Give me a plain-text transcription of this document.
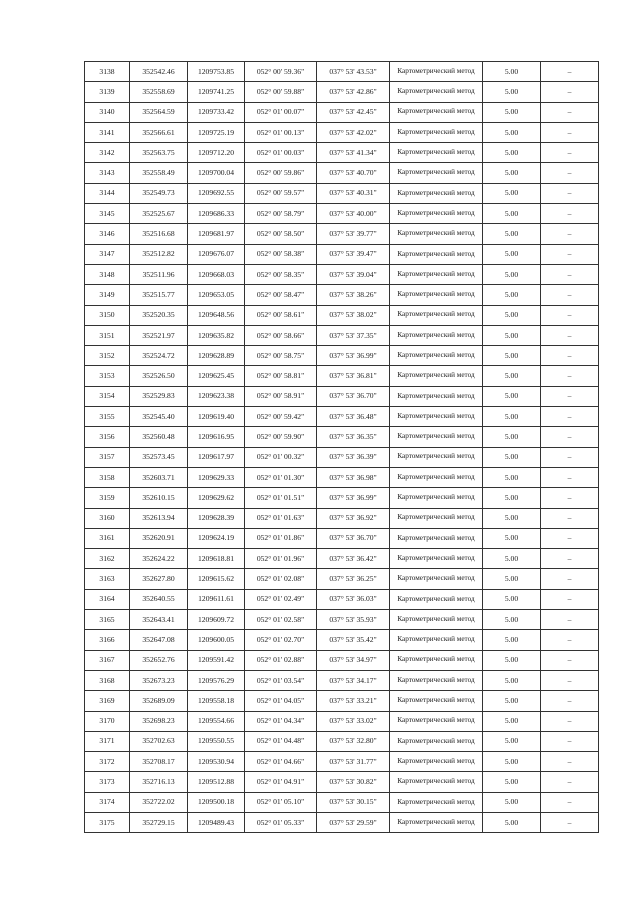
3138	352542.46	1209753.85	052° 00' 59.36"	037° 53' 43.53"	Картометрический метод	5.00	–
3139	352558.69	1209741.25	052° 00' 59.88"	037° 53' 42.86"	Картометрический метод	5.00	–
3140	352564.59	1209733.42	052° 01' 00.07"	037° 53' 42.45"	Картометрический метод	5.00	–
3141	352566.61	1209725.19	052° 01' 00.13"	037° 53' 42.02"	Картометрический метод	5.00	–
3142	352563.75	1209712.20	052° 01' 00.03"	037° 53' 41.34"	Картометрический метод	5.00	–
3143	352558.49	1209700.04	052° 00' 59.86"	037° 53' 40.70"	Картометрический метод	5.00	–
3144	352549.73	1209692.55	052° 00' 59.57"	037° 53' 40.31"	Картометрический метод	5.00	–
3145	352525.67	1209686.33	052° 00' 58.79"	037° 53' 40.00"	Картометрический метод	5.00	–
3146	352516.68	1209681.97	052° 00' 58.50"	037° 53' 39.77"	Картометрический метод	5.00	–
3147	352512.82	1209676.07	052° 00' 58.38"	037° 53' 39.47"	Картометрический метод	5.00	–
3148	352511.96	1209668.03	052° 00' 58.35"	037° 53' 39.04"	Картометрический метод	5.00	–
3149	352515.77	1209653.05	052° 00' 58.47"	037° 53' 38.26"	Картометрический метод	5.00	–
3150	352520.35	1209648.56	052° 00' 58.61"	037° 53' 38.02"	Картометрический метод	5.00	–
3151	352521.97	1209635.82	052° 00' 58.66"	037° 53' 37.35"	Картометрический метод	5.00	–
3152	352524.72	1209628.89	052° 00' 58.75"	037° 53' 36.99"	Картометрический метод	5.00	–
3153	352526.50	1209625.45	052° 00' 58.81"	037° 53' 36.81"	Картометрический метод	5.00	–
3154	352529.83	1209623.38	052° 00' 58.91"	037° 53' 36.70"	Картометрический метод	5.00	–
3155	352545.40	1209619.40	052° 00' 59.42"	037° 53' 36.48"	Картометрический метод	5.00	–
3156	352560.48	1209616.95	052° 00' 59.90"	037° 53' 36.35"	Картометрический метод	5.00	–
3157	352573.45	1209617.97	052° 01' 00.32"	037° 53' 36.39"	Картометрический метод	5.00	–
3158	352603.71	1209629.33	052° 01' 01.30"	037° 53' 36.98"	Картометрический метод	5.00	–
3159	352610.15	1209629.62	052° 01' 01.51"	037° 53' 36.99"	Картометрический метод	5.00	–
3160	352613.94	1209628.39	052° 01' 01.63"	037° 53' 36.92"	Картометрический метод	5.00	–
3161	352620.91	1209624.19	052° 01' 01.86"	037° 53' 36.70"	Картометрический метод	5.00	–
3162	352624.22	1209618.81	052° 01' 01.96"	037° 53' 36.42"	Картометрический метод	5.00	–
3163	352627.80	1209615.62	052° 01' 02.08"	037° 53' 36.25"	Картометрический метод	5.00	–
3164	352640.55	1209611.61	052° 01' 02.49"	037° 53' 36.03"	Картометрический метод	5.00	–
3165	352643.41	1209609.72	052° 01' 02.58"	037° 53' 35.93"	Картометрический метод	5.00	–
3166	352647.08	1209600.05	052° 01' 02.70"	037° 53' 35.42"	Картометрический метод	5.00	–
3167	352652.76	1209591.42	052° 01' 02.88"	037° 53' 34.97"	Картометрический метод	5.00	–
3168	352673.23	1209576.29	052° 01' 03.54"	037° 53' 34.17"	Картометрический метод	5.00	–
3169	352689.09	1209558.18	052° 01' 04.05"	037° 53' 33.21"	Картометрический метод	5.00	–
3170	352698.23	1209554.66	052° 01' 04.34"	037° 53' 33.02"	Картометрический метод	5.00	–
3171	352702.63	1209550.55	052° 01' 04.48"	037° 53' 32.80"	Картометрический метод	5.00	–
3172	352708.17	1209530.94	052° 01' 04.66"	037° 53' 31.77"	Картометрический метод	5.00	–
3173	352716.13	1209512.88	052° 01' 04.91"	037° 53' 30.82"	Картометрический метод	5.00	–
3174	352722.02	1209500.18	052° 01' 05.10"	037° 53' 30.15"	Картометрический метод	5.00	–
3175	352729.15	1209489.43	052° 01' 05.33"	037° 53' 29.59"	Картометрический метод	5.00	–
